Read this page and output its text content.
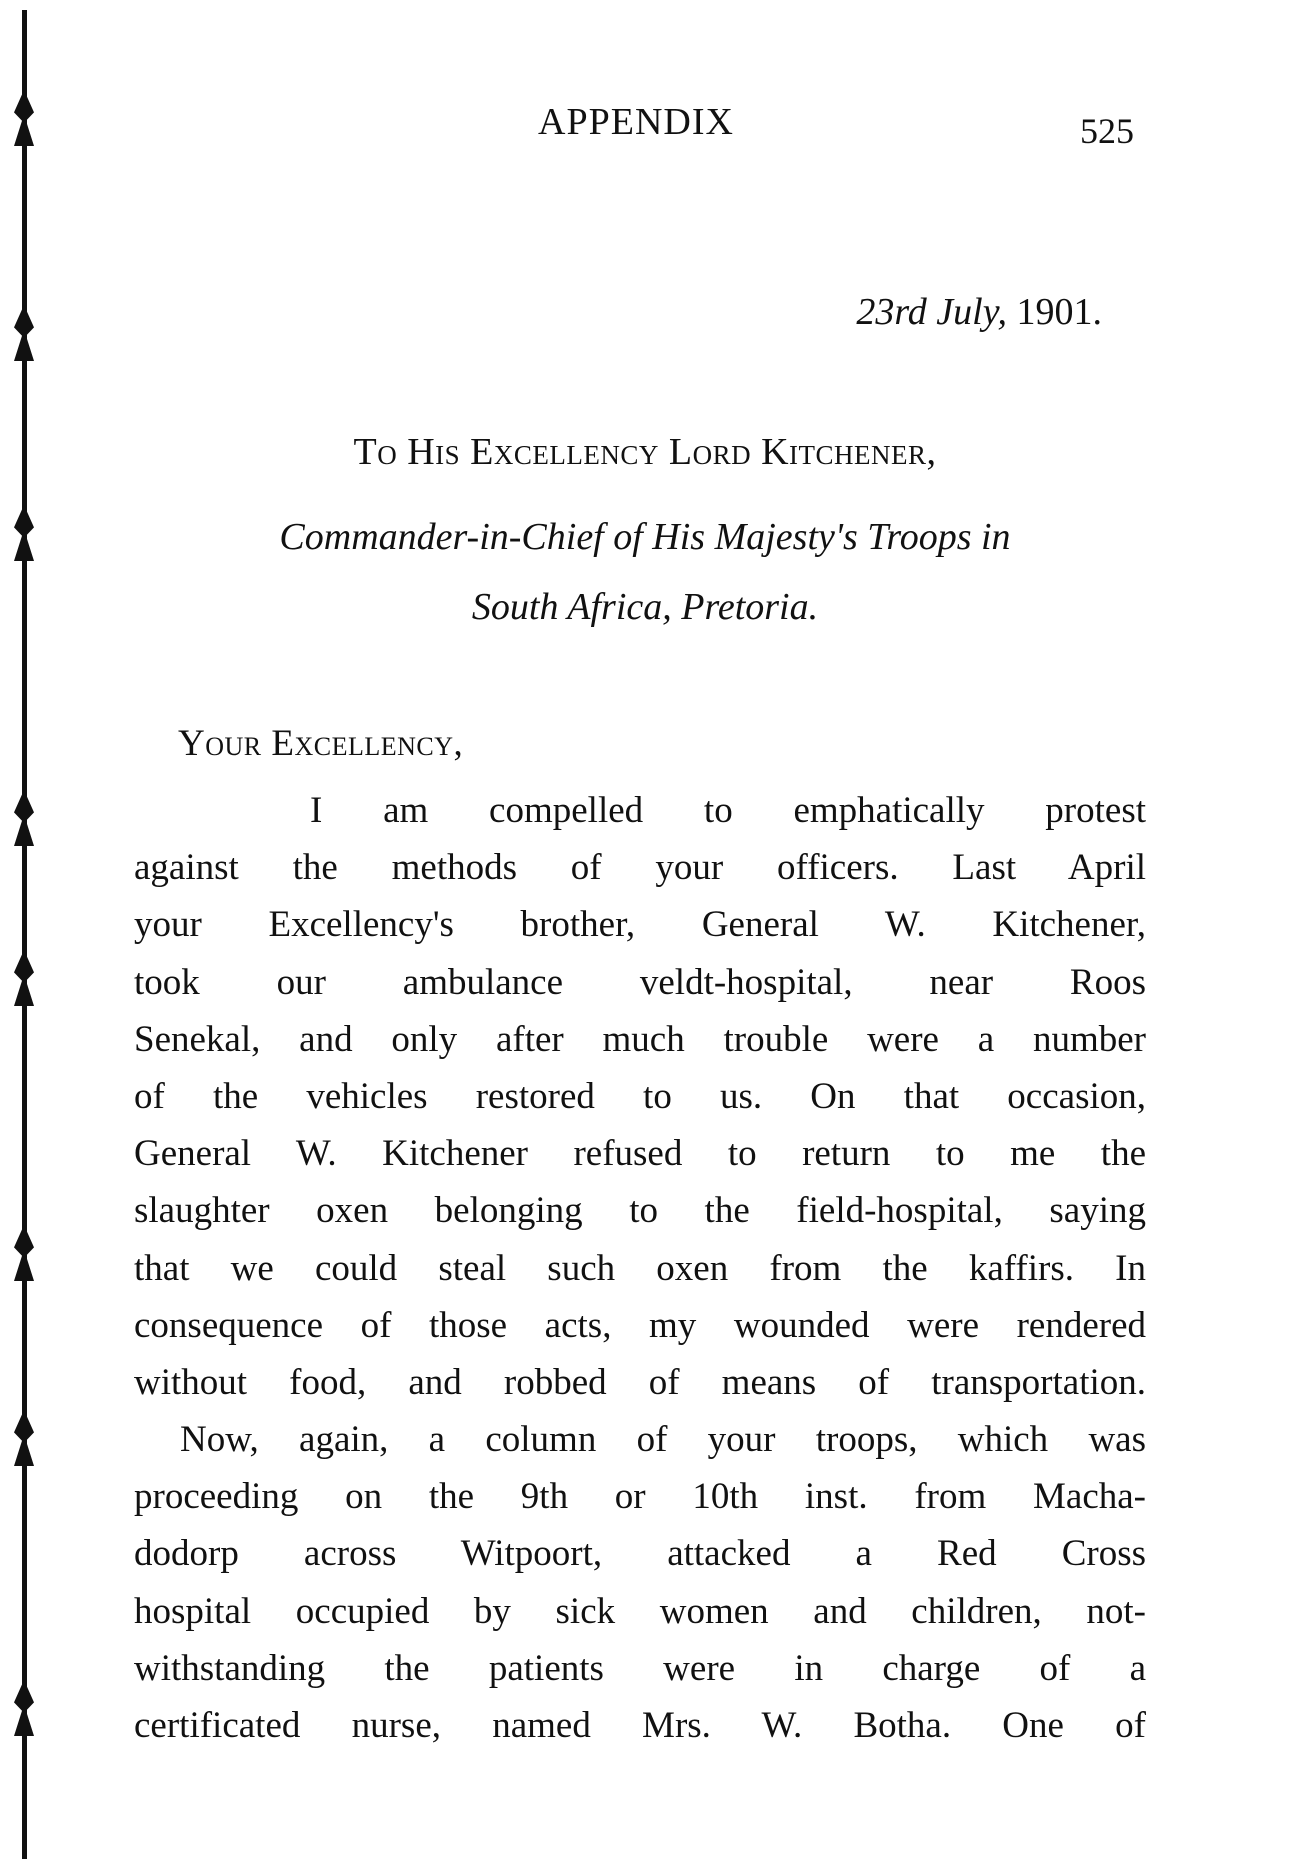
APPENDIX	525
23rd July, 1901.
To His Excellency Lord Kitchener,
Commander-in-Chief of His Majesty's Troops in
South Africa, Pretoria.
Your Excellency,
I am compelled to emphatically protest
against the methods of your officers. Last April
your Excellency's brother, General W. Kitchener,
took our ambulance veldt-hospital, near Roos
Senekal, and only after much trouble were a number
of the vehicles restored to us. On that occasion,
General W. Kitchener refused to return to me the
slaughter oxen belonging to the field-hospital, saying
that we could steal such oxen from the kaffirs. In
consequence of those acts, my wounded were rendered
without food, and robbed of means of transportation.
Now, again, a column of your troops, which was
proceeding on the 9th or 10th inst. from Macha-
dodorp across Witpoort, attacked a Red Cross
hospital occupied by sick women and children, not-
withstanding the patients were in charge of a
certificated nurse, named Mrs. W. Botha. One of
